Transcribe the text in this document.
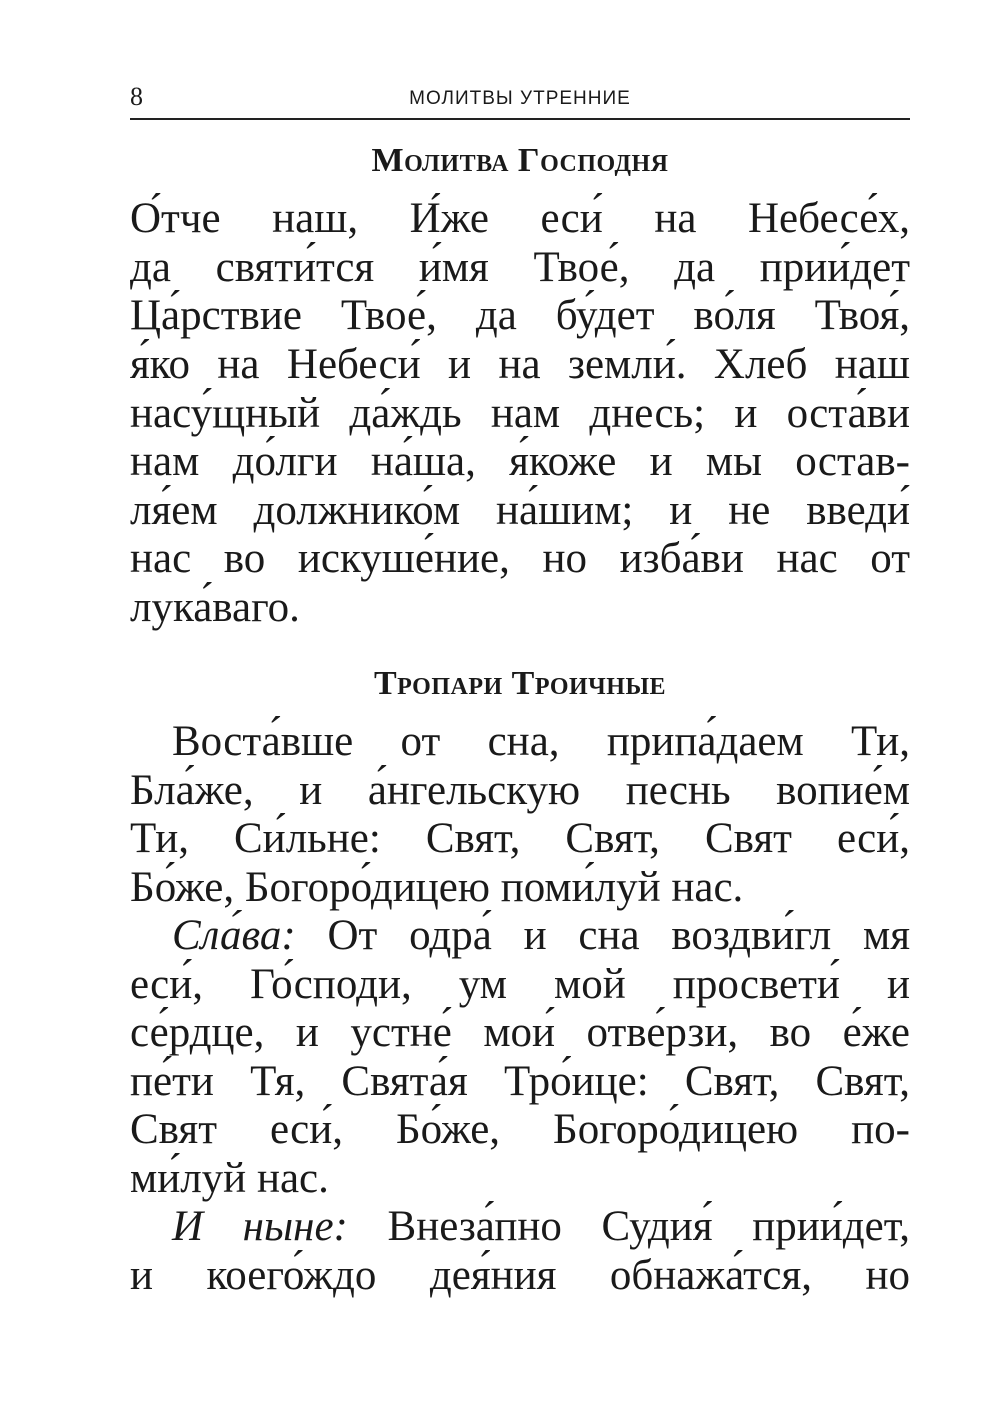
8	МОЛИТВЫ УТРЕННИЕ
Молитва Господня
О́тче наш, И́же еси́ на Небесе́х,
да святи́тся и́мя Твое́, да прии́дет
Ца́рствие Твое́, да бу́дет во́ля Твоя́,
я́ко на Небеси́ и на земли́. Хлеб наш
насу́щный да́ждь нам днесь; и оста́ви
нам до́лги на́ша, я́коже и мы остав-
ля́ем должнико́м на́шим; и не введи́
нас во искуше́ние, но изба́ви нас от
лука́ваго.
Тропари Троичные
Воста́вше от сна, припа́даем Ти,
Бла́же, и а́нгельскую песнь вопие́м
Ти, Си́льне: Свят, Свят, Свят еси́,
Бо́же, Богоро́дицею поми́луй нас.
Сла́ва: От одра́ и сна воздви́гл мя
еси́, Го́споди, ум мой просвети́ и
се́рдце, и устне́ мои́ отве́рзи, во е́же
пе́ти Тя, Свята́я Тро́ице: Свят, Свят,
Свят еси́, Бо́же, Богоро́дицею по-
ми́луй нас.
И ныне: Внеза́пно Судия́ прии́дет,
и коего́ждо дея́ния обнажа́тся, но
